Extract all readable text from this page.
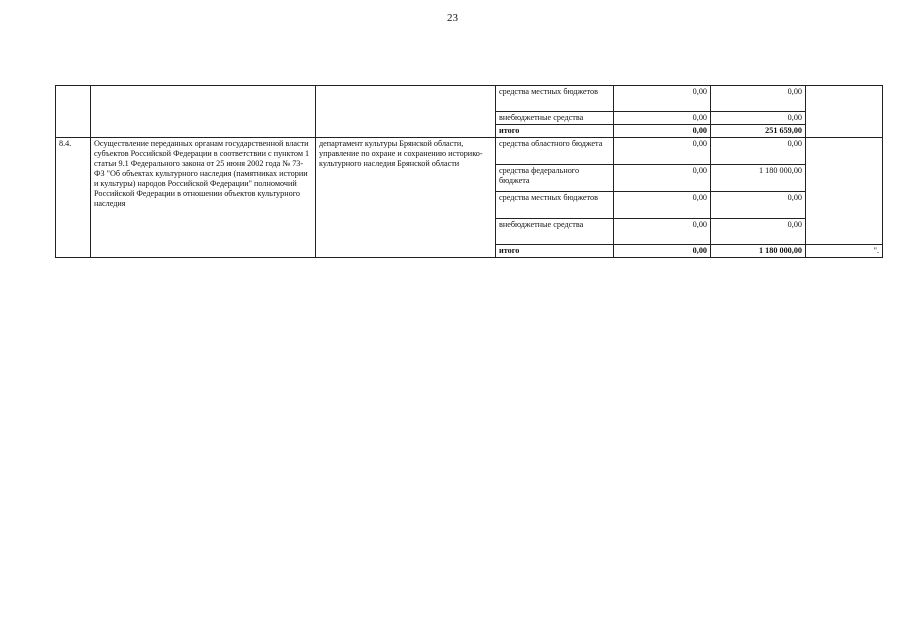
23
			средства местных бюджетов	0,00	0,00	
			внебюджетные средства	0,00	0,00	
			итого	0,00	251 659,00	
8.4.	Осуществление переданных органам государственной власти субъектов Российской Федерации в соответствии с пунктом 1 статьи 9.1 Федерального закона от 25 июня 2002 года № 73-ФЗ "Об объектах культурного наследия (памятниках истории и культуры) народов Российской Федерации" полномочий Российской Федерации в отношении объектов культурного наследия	департамент культуры Брянской области, управление по охране и сохранению историко-культурного наследия Брянской области	средства областного бюджета	0,00	0,00	
			средства федерального бюджета	0,00	1 180 000,00	
			средства местных бюджетов	0,00	0,00	
			внебюджетные средства	0,00	0,00	
			итого	0,00	1 180 000,00	".
